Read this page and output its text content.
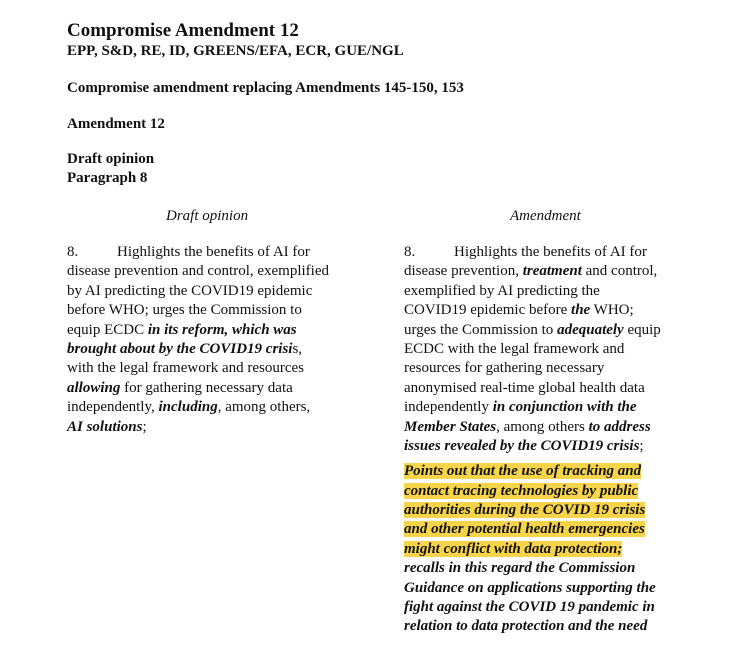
Compromise Amendment 12
EPP, S&D, RE, ID, GREENS/EFA, ECR, GUE/NGL
Compromise amendment replacing Amendments 145-150, 153
Amendment 12
Draft opinion
Paragraph 8
Draft opinion	Amendment
8.	Highlights the benefits of AI for
disease prevention and control, exemplified
by AI predicting the COVID19 epidemic
before WHO; urges the Commission to
equip ECDC in its reform, which was
brought about by the COVID19 crisis,
with the legal framework and resources
allowing for gathering necessary data
independently, including, among others,
AI solutions;
8.	Highlights the benefits of AI for
disease prevention, treatment and control,
exemplified by AI predicting the
COVID19 epidemic before the WHO;
urges the Commission to adequately equip
ECDC with the legal framework and
resources for gathering necessary
anonymised real-time global health data
independently in conjunction with the
Member States, among others to address
issues revealed by the COVID19 crisis;
Points out that the use of tracking and
contact tracing technologies by public
authorities during the COVID 19 crisis
and other potential health emergencies
might conflict with data protection;
recalls in this regard the Commission
Guidance on applications supporting the
fight against the COVID 19 pandemic in
relation to data protection and the need
